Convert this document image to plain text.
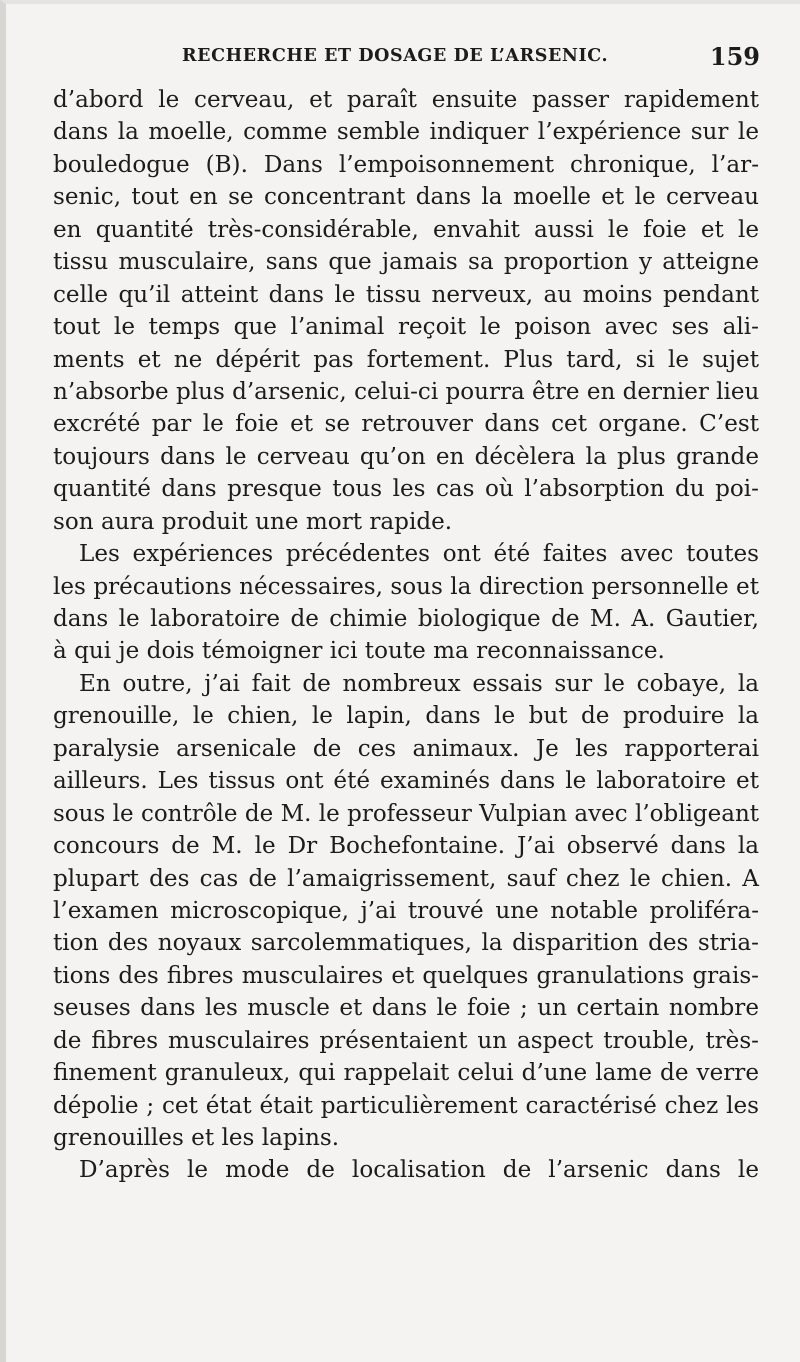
RECHERCHE ET DOSAGE DE L’ARSENIC.	159
d’abord le cerveau, et paraît ensuite passer rapidement
dans la moelle, comme semble indiquer l’expérience sur le
bouledogue (B). Dans l’empoisonnement chronique, l’ar-
senic, tout en se concentrant dans la moelle et le cerveau
en quantité très-considérable, envahit aussi le foie et le
tissu musculaire, sans que jamais sa proportion y atteigne
celle qu’il atteint dans le tissu nerveux, au moins pendant
tout le temps que l’animal reçoit le poison avec ses ali-
ments et ne dépérit pas fortement. Plus tard, si le sujet
n’absorbe plus d’arsenic, celui-ci pourra être en dernier lieu
excrété par le foie et se retrouver dans cet organe. C’est
toujours dans le cerveau qu’on en décèlera la plus grande
quantité dans presque tous les cas où l’absorption du poi-
son aura produit une mort rapide.
Les expériences précédentes ont été faites avec toutes
les précautions nécessaires, sous la direction personnelle et
dans le laboratoire de chimie biologique de M. A. Gautier,
à qui je dois témoigner ici toute ma reconnaissance.
En outre, j’ai fait de nombreux essais sur le cobaye, la
grenouille, le chien, le lapin, dans le but de produire la
paralysie arsenicale de ces animaux. Je les rapporterai
ailleurs. Les tissus ont été examinés dans le laboratoire et
sous le contrôle de M. le professeur Vulpian avec l’obligeant
concours de M. le Dr Bochefontaine. J’ai observé dans la
plupart des cas de l’amaigrissement, sauf chez le chien. A
l’examen microscopique, j’ai trouvé une notable proliféra-
tion des noyaux sarcolemmatiques, la disparition des stria-
tions des fibres musculaires et quelques granulations grais-
seuses dans les muscle et dans le foie ; un certain nombre
de fibres musculaires présentaient un aspect trouble, très-
finement granuleux, qui rappelait celui d’une lame de verre
dépolie ; cet état était particulièrement caractérisé chez les
grenouilles et les lapins.
D’après le mode de localisation de l’arsenic dans le
